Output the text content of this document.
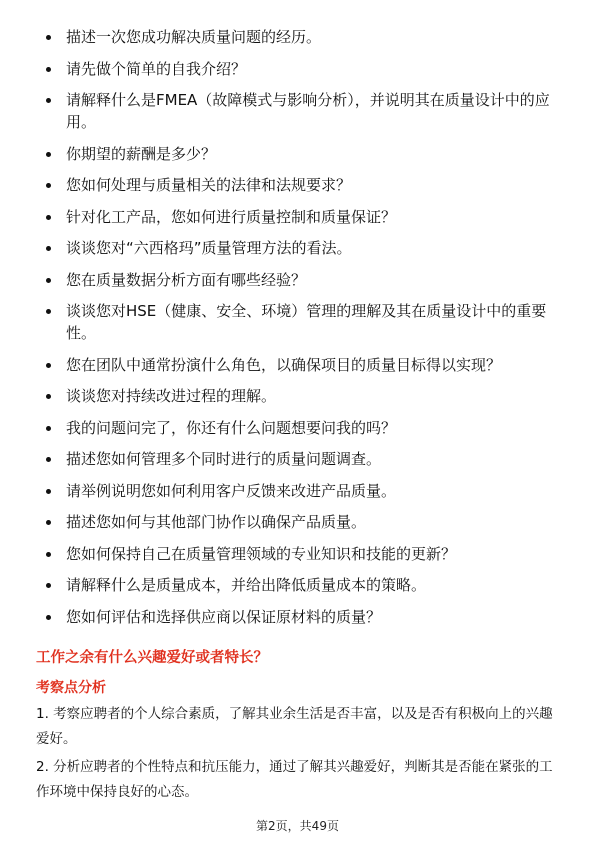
描述一次您成功解决质量问题的经历。
请先做个简单的自我介绍？
请解释什么是FMEA（故障模式与影响分析），并说明其在质量设计中的应用。
你期望的薪酬是多少？
您如何处理与质量相关的法律和法规要求？
针对化工产品，您如何进行质量控制和质量保证？
谈谈您对“六西格玛”质量管理方法的看法。
您在质量数据分析方面有哪些经验？
谈谈您对HSE（健康、安全、环境）管理的理解及其在质量设计中的重要性。
您在团队中通常扮演什么角色，以确保项目的质量目标得以实现？
谈谈您对持续改进过程的理解。
我的问题问完了，你还有什么问题想要问我的吗？
描述您如何管理多个同时进行的质量问题调查。
请举例说明您如何利用客户反馈来改进产品质量。
描述您如何与其他部门协作以确保产品质量。
您如何保持自己在质量管理领域的专业知识和技能的更新？
请解释什么是质量成本，并给出降低质量成本的策略。
您如何评估和选择供应商以保证原材料的质量？
工作之余有什么兴趣爱好或者特长？
考察点分析

1. 考察应聘者的个人综合素质，了解其业余生活是否丰富，以及是否有积极向上的兴趣爱好。

2. 分析应聘者的个性特点和抗压能力，通过了解其兴趣爱好，判断其是否能在紧张的工作环境中保持良好的心态。

第2页，共49页
